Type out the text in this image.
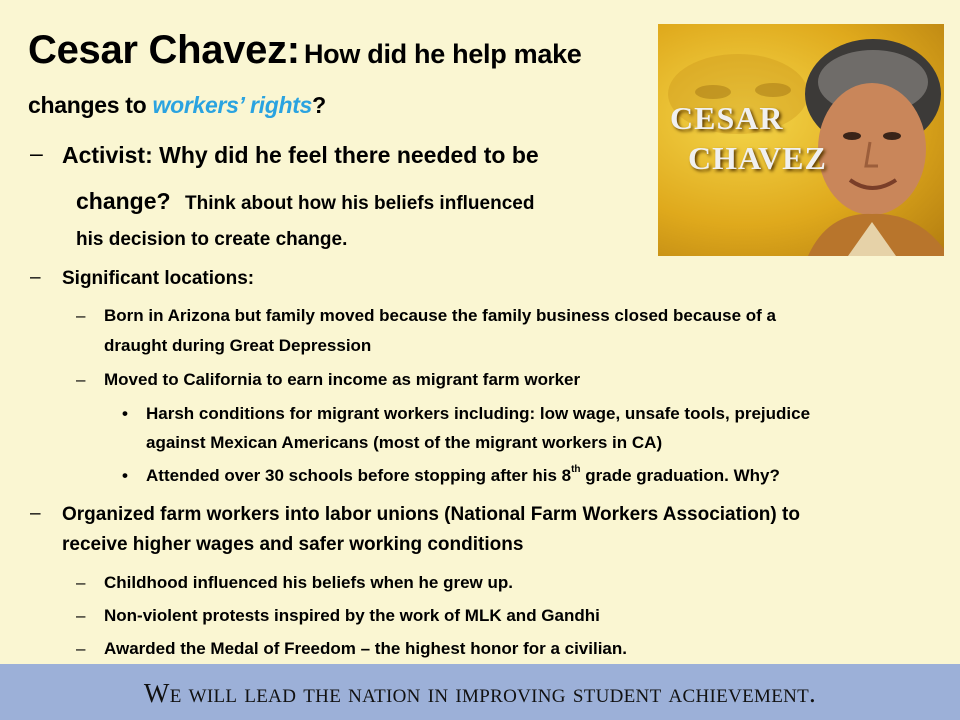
Cesar Chavez: How did he help make
changes to workers’ rights?
– Activist: Why did he feel there needed to be
change? Think about how his beliefs influenced
his decision to create change.
– Significant locations:
– Born in Arizona but family moved because the family business closed because of a
draught during Great Depression
– Moved to California to earn income as migrant farm worker
• Harsh conditions for migrant workers including: low wage, unsafe tools, prejudice
against Mexican Americans (most of the migrant workers in CA)
• Attended over 30 schools before stopping after his 8th grade graduation. Why?
– Organized farm workers into labor unions (National Farm Workers Association) to
receive higher wages and safer working conditions
– Childhood influenced his beliefs when he grew up.
– Non-violent protests inspired by the work of MLK and Gandhi
– Awarded the Medal of Freedom – the highest honor for a civilian.
CESAR
CHAVEZ
We will lead the nation in improving student achievement.
